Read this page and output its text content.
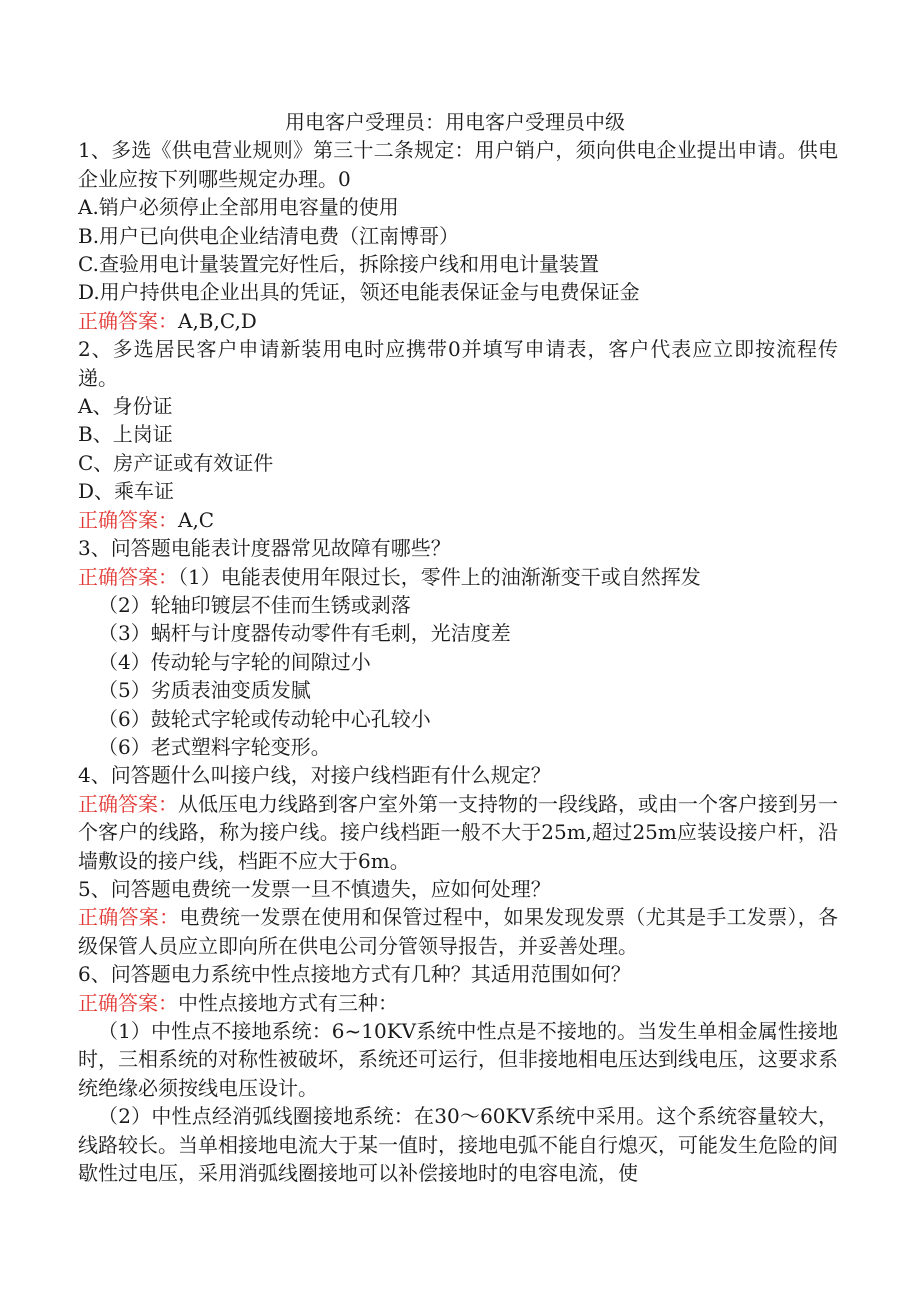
用电客户受理员：用电客户受理员中级
1、多选《供电营业规则》第三十二条规定：用户销户，须向供电企业提出申请。供电企业应按下列哪些规定办理。0
A.销户必须停止全部用电容量的使用
B.用户已向供电企业结清电费（江南博哥）
C.查验用电计量装置完好性后，拆除接户线和用电计量装置
D.用户持供电企业出具的凭证，领还电能表保证金与电费保证金
正确答案：A,B,C,D
2、多选居民客户申请新装用电时应携带0并填写申请表，客户代表应立即按流程传递。
A、身份证
B、上岗证
C、房产证或有效证件
D、乘车证
正确答案：A,C
3、问答题电能表计度器常见故障有哪些？
正确答案：（1）电能表使用年限过长，零件上的油渐渐变干或自然挥发
（2）轮轴印镀层不佳而生锈或剥落
（3）蜗杆与计度器传动零件有毛刺，光洁度差
（4）传动轮与字轮的间隙过小
（5）劣质表油变质发腻
（6）鼓轮式字轮或传动轮中心孔较小
（6）老式塑料字轮变形。
4、问答题什么叫接户线，对接户线档距有什么规定？
正确答案：从低压电力线路到客户室外第一支持物的一段线路，或由一个客户接到另一个客户的线路，称为接户线。接户线档距一般不大于25m,超过25m应装设接户杆，沿墙敷设的接户线，档距不应大于6m。
5、问答题电费统一发票一旦不慎遗失，应如何处理？
正确答案：电费统一发票在使用和保管过程中，如果发现发票（尤其是手工发票），各级保管人员应立即向所在供电公司分管领导报告，并妥善处理。
6、问答题电力系统中性点接地方式有几种？其适用范围如何？
正确答案：中性点接地方式有三种：
（1）中性点不接地系统：6~10KV系统中性点是不接地的。当发生单相金属性接地时，三相系统的对称性被破坏，系统还可运行，但非接地相电压达到线电压，这要求系统绝缘必须按线电压设计。
（2）中性点经消弧线圈接地系统：在30～60KV系统中采用。这个系统容量较大，线路较长。当单相接地电流大于某一值时，接地电弧不能自行熄灭，可能发生危险的间歇性过电压，采用消弧线圈接地可以补偿接地时的电容电流，使
